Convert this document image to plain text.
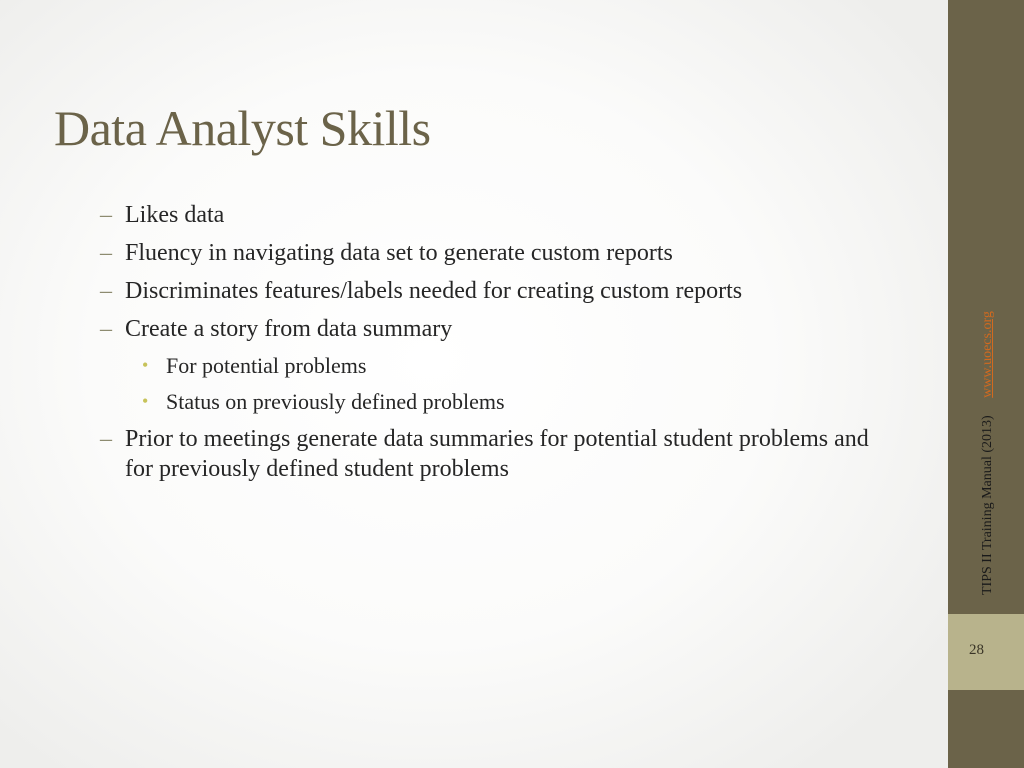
Data Analyst Skills
– Likes data
– Fluency in navigating data set to generate custom reports
– Discriminates features/labels needed for creating custom reports
– Create a story from data summary
• For potential problems
• Status on previously defined problems
– Prior to meetings generate data summaries for potential student problems and for previously defined student problems
28
TIPS II Training Manual (2013) www.uoecs.org
